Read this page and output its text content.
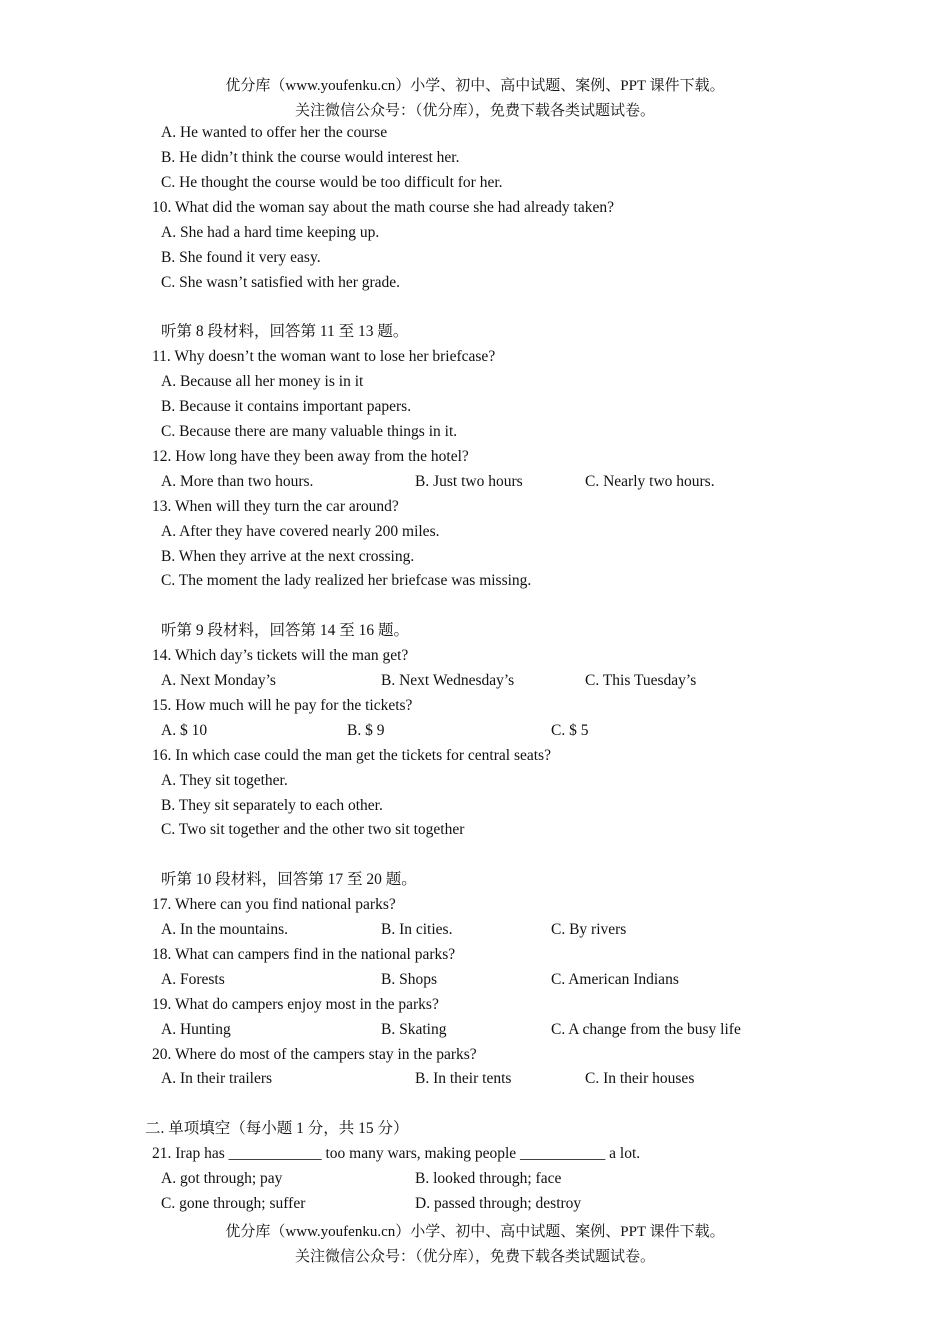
优分库（www.youfenku.cn）小学、初中、高中试题、案例、PPT 课件下载。
关注微信公众号：（优分库），免费下载各类试题试卷。
A. He wanted to offer her the course
B. He didn’t think the course would interest her.
C. He thought the course would be too difficult for her.
10. What did the woman say about the math course she had already taken?
A. She had a hard time keeping up.
B. She found it very easy.
C. She wasn’t satisfied with her grade.
听第 8 段材料，回答第 11 至 13 题。
11. Why doesn’t the woman want to lose her briefcase?
A. Because all her money is in it
B. Because it contains important papers.
C. Because there are many valuable things in it.
12. How long have they been away from the hotel?
A. More than two hours.	B. Just two hours	C. Nearly two hours.
13. When will they turn the car around?
A. After they have covered nearly 200 miles.
B. When they arrive at the next crossing.
C. The moment the lady realized her briefcase was missing.
听第 9 段材料，回答第 14 至 16 题。
14. Which day’s tickets will the man get?
A. Next Monday’s	B. Next Wednesday’s	C. This Tuesday’s
15. How much will he pay for the tickets?
A. $ 10	B. $ 9	C. $ 5
16. In which case could the man get the tickets for central seats?
A. They sit together.
B. They sit separately to each other.
C. Two sit together and the other two sit together
听第 10 段材料，回答第 17 至 20 题。
17. Where can you find national parks?
A. In the mountains.	B. In cities.	C. By rivers
18. What can campers find in the national parks?
A. Forests	B. Shops	C. American Indians
19. What do campers enjoy most in the parks?
A. Hunting	B. Skating	C. A change from the busy life
20. Where do most of the campers stay in the parks?
A. In their trailers	B. In their tents	C. In their houses
二. 单项填空（每小题 1 分，共 15 分）
21. Irap has ____________ too many wars, making people ___________ a lot.
A. got through; pay	B. looked through; face
C. gone through; suffer	D. passed through; destroy
优分库（www.youfenku.cn）小学、初中、高中试题、案例、PPT 课件下载。
关注微信公众号：（优分库），免费下载各类试题试卷。
